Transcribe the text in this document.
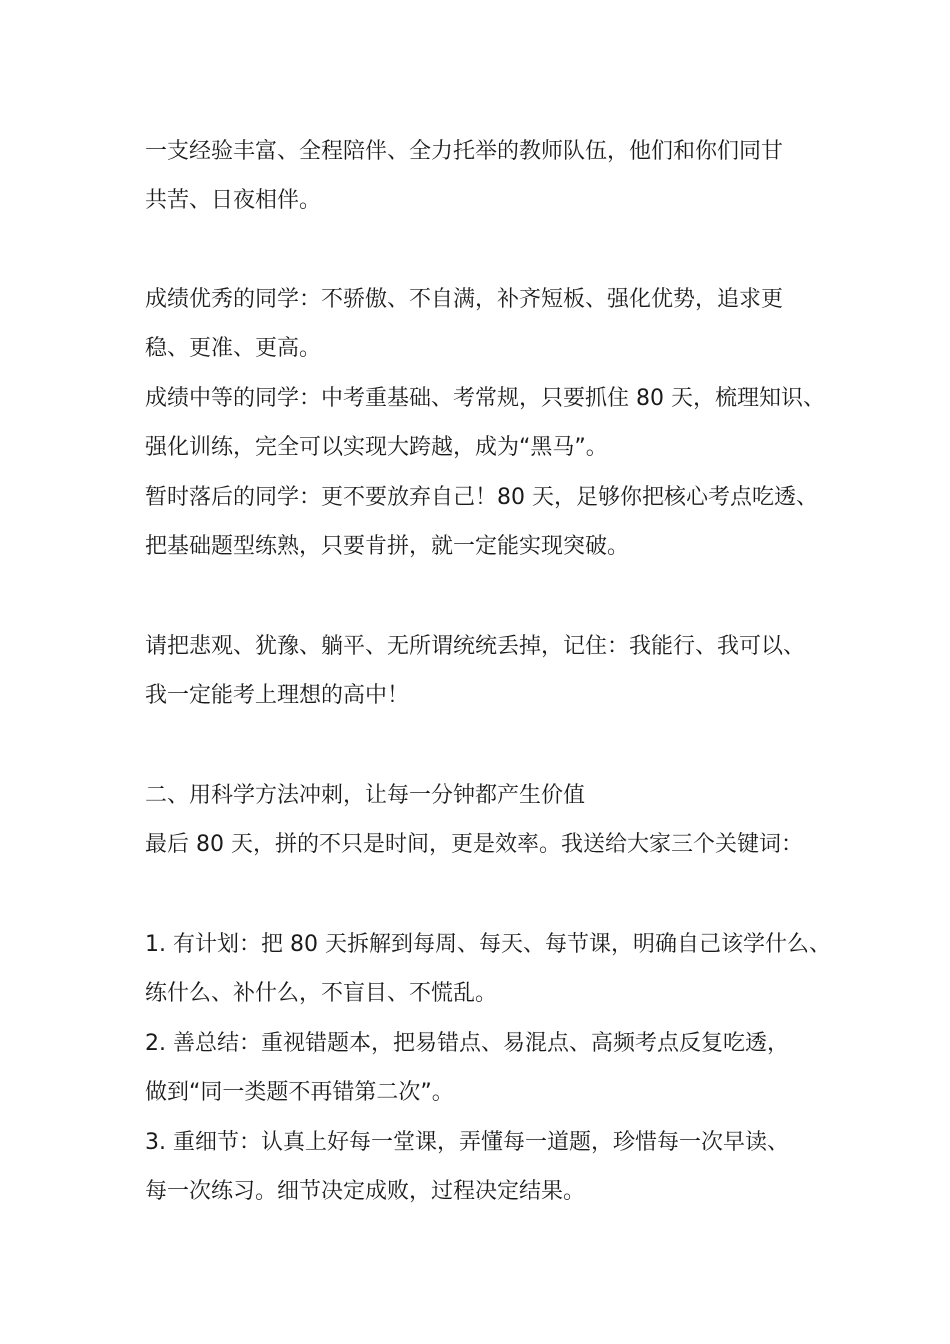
一支经验丰富、全程陪伴、全力托举的教师队伍，他们和你们同甘

共苦、日夜相伴。

成绩优秀的同学：不骄傲、不自满，补齐短板、强化优势，追求更

稳、更准、更高。

成绩中等的同学：中考重基础、考常规，只要抓住 80 天，梳理知识、

强化训练，完全可以实现大跨越，成为“黑马”。

暂时落后的同学：更不要放弃自己！80 天，足够你把核心考点吃透、

把基础题型练熟，只要肯拼，就一定能实现突破。

请把悲观、犹豫、躺平、无所谓统统丢掉，记住：我能行、我可以、

我一定能考上理想的高中！

二、用科学方法冲刺，让每一分钟都产生价值

最后 80 天，拼的不只是时间，更是效率。我送给大家三个关键词：

1. 有计划：把 80 天拆解到每周、每天、每节课，明确自己该学什么、

练什么、补什么，不盲目、不慌乱。

2. 善总结：重视错题本，把易错点、易混点、高频考点反复吃透，

做到“同一类题不再错第二次”。

3. 重细节：认真上好每一堂课，弄懂每一道题，珍惜每一次早读、

每一次练习。细节决定成败，过程决定结果。
